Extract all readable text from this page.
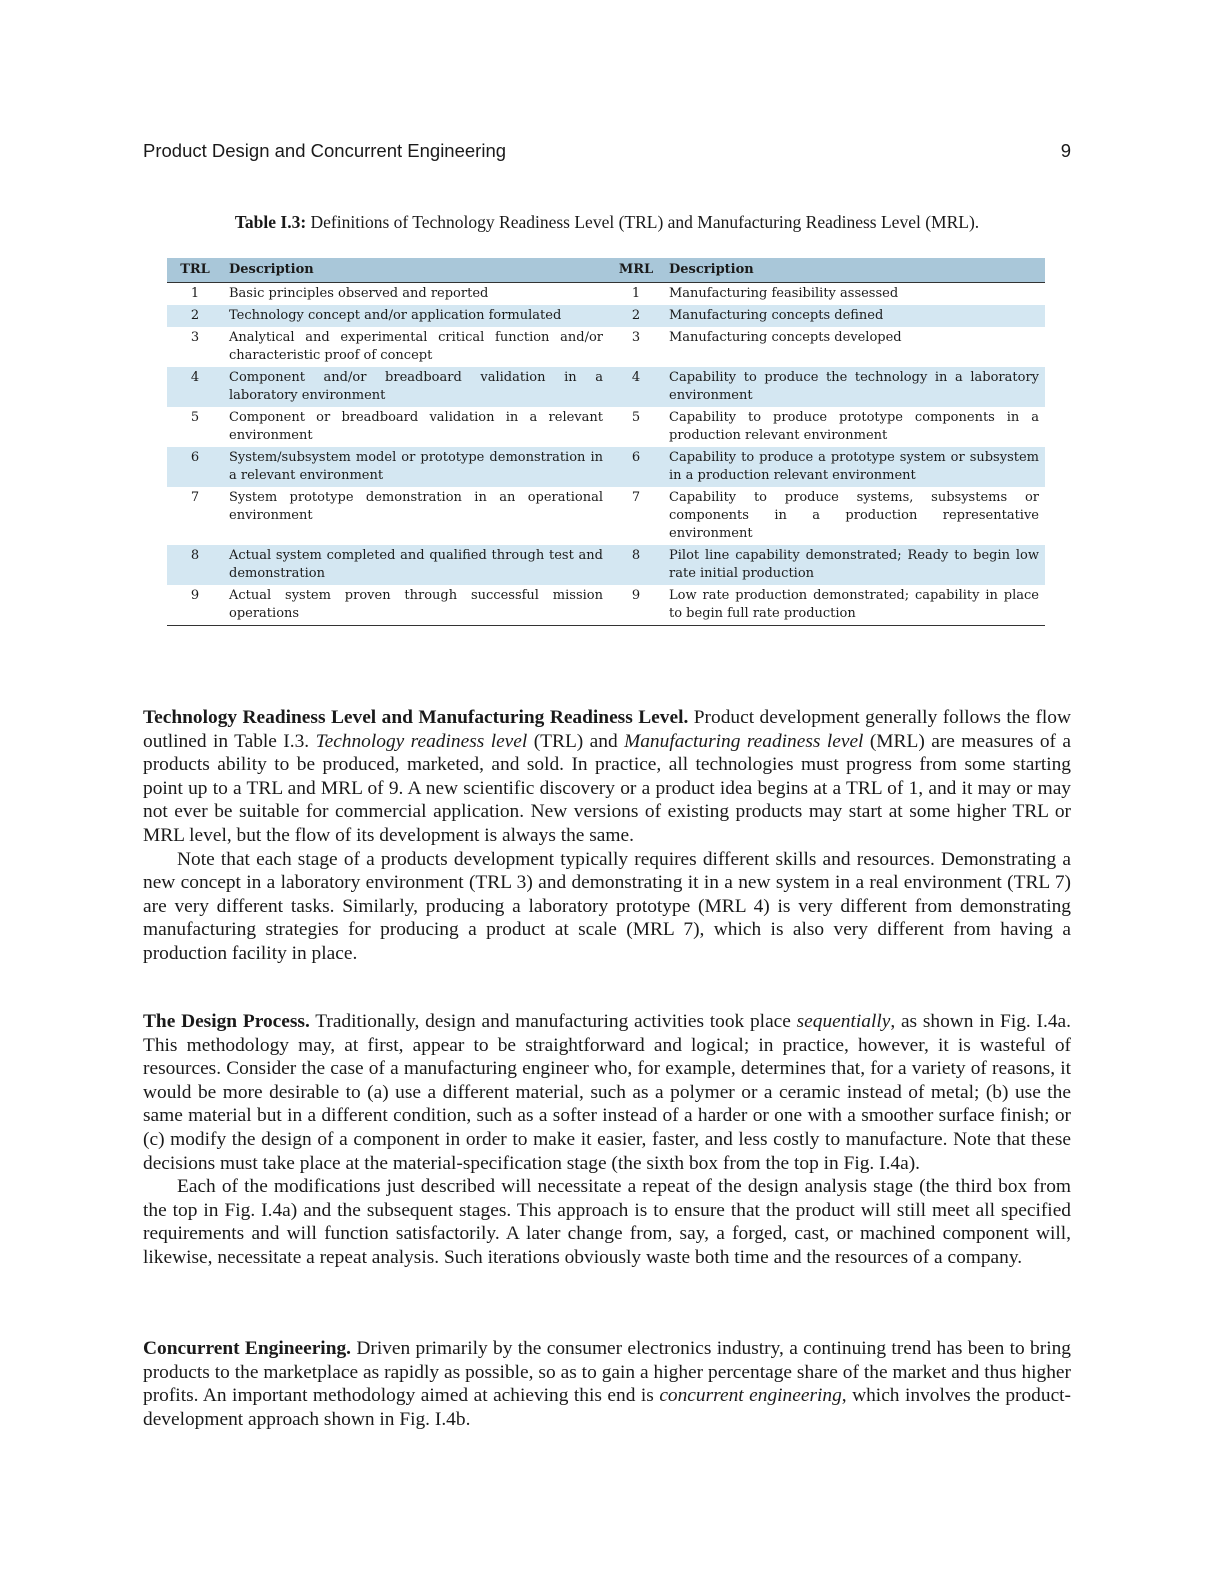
Product Design and Concurrent Engineering	9
Table I.3: Definitions of Technology Readiness Level (TRL) and Manufacturing Readiness Level (MRL).
TRL	Description	MRL	Description
1	Basic principles observed and reported	1	Manufacturing feasibility assessed
2	Technology concept and/or application formulated	2	Manufacturing concepts defined
3	Analytical and experimental critical function and/or characteristic proof of concept	3	Manufacturing concepts developed
4	Component and/or breadboard validation in a laboratory environment	4	Capability to produce the technology in a laboratory environment
5	Component or breadboard validation in a relevant environment	5	Capability to produce prototype components in a production relevant environment
6	System/subsystem model or prototype demonstration in a relevant environment	6	Capability to produce a prototype system or subsystem in a production relevant environment
7	System prototype demonstration in an operational environment	7	Capability to produce systems, subsystems or components in a production representative environment
8	Actual system completed and qualified through test and demonstration	8	Pilot line capability demonstrated; Ready to begin low rate initial production
9	Actual system proven through successful mission operations	9	Low rate production demonstrated; capability in place to begin full rate production

Technology Readiness Level and Manufacturing Readiness Level. Product development generally follows the flow outlined in Table I.3. Technology readiness level (TRL) and Manufacturing readiness level (MRL) are measures of a products ability to be produced, marketed, and sold. In practice, all technologies must progress from some starting point up to a TRL and MRL of 9. A new scientific discovery or a product idea begins at a TRL of 1, and it may or may not ever be suitable for commercial application. New versions of existing products may start at some higher TRL or MRL level, but the flow of its development is always the same.

Note that each stage of a products development typically requires different skills and resources. Demonstrating a new concept in a laboratory environment (TRL 3) and demonstrating it in a new system in a real environment (TRL 7) are very different tasks. Similarly, producing a laboratory prototype (MRL 4) is very different from demonstrating manufacturing strategies for producing a product at scale (MRL 7), which is also very different from having a production facility in place.

The Design Process. Traditionally, design and manufacturing activities took place sequentially, as shown in Fig. I.4a. This methodology may, at first, appear to be straightforward and logical; in practice, however, it is wasteful of resources. Consider the case of a manufacturing engineer who, for example, determines that, for a variety of reasons, it would be more desirable to (a) use a different material, such as a polymer or a ceramic instead of metal; (b) use the same material but in a different condition, such as a softer instead of a harder or one with a smoother surface finish; or (c) modify the design of a component in order to make it easier, faster, and less costly to manufacture. Note that these decisions must take place at the material-specification stage (the sixth box from the top in Fig. I.4a).

Each of the modifications just described will necessitate a repeat of the design analysis stage (the third box from the top in Fig. I.4a) and the subsequent stages. This approach is to ensure that the product will still meet all specified requirements and will function satisfactorily. A later change from, say, a forged, cast, or machined component will, likewise, necessitate a repeat analysis. Such iterations obviously waste both time and the resources of a company.

Concurrent Engineering. Driven primarily by the consumer electronics industry, a continuing trend has been to bring products to the marketplace as rapidly as possible, so as to gain a higher percentage share of the market and thus higher profits. An important methodology aimed at achieving this end is concurrent engineering, which involves the product-development approach shown in Fig. I.4b.
